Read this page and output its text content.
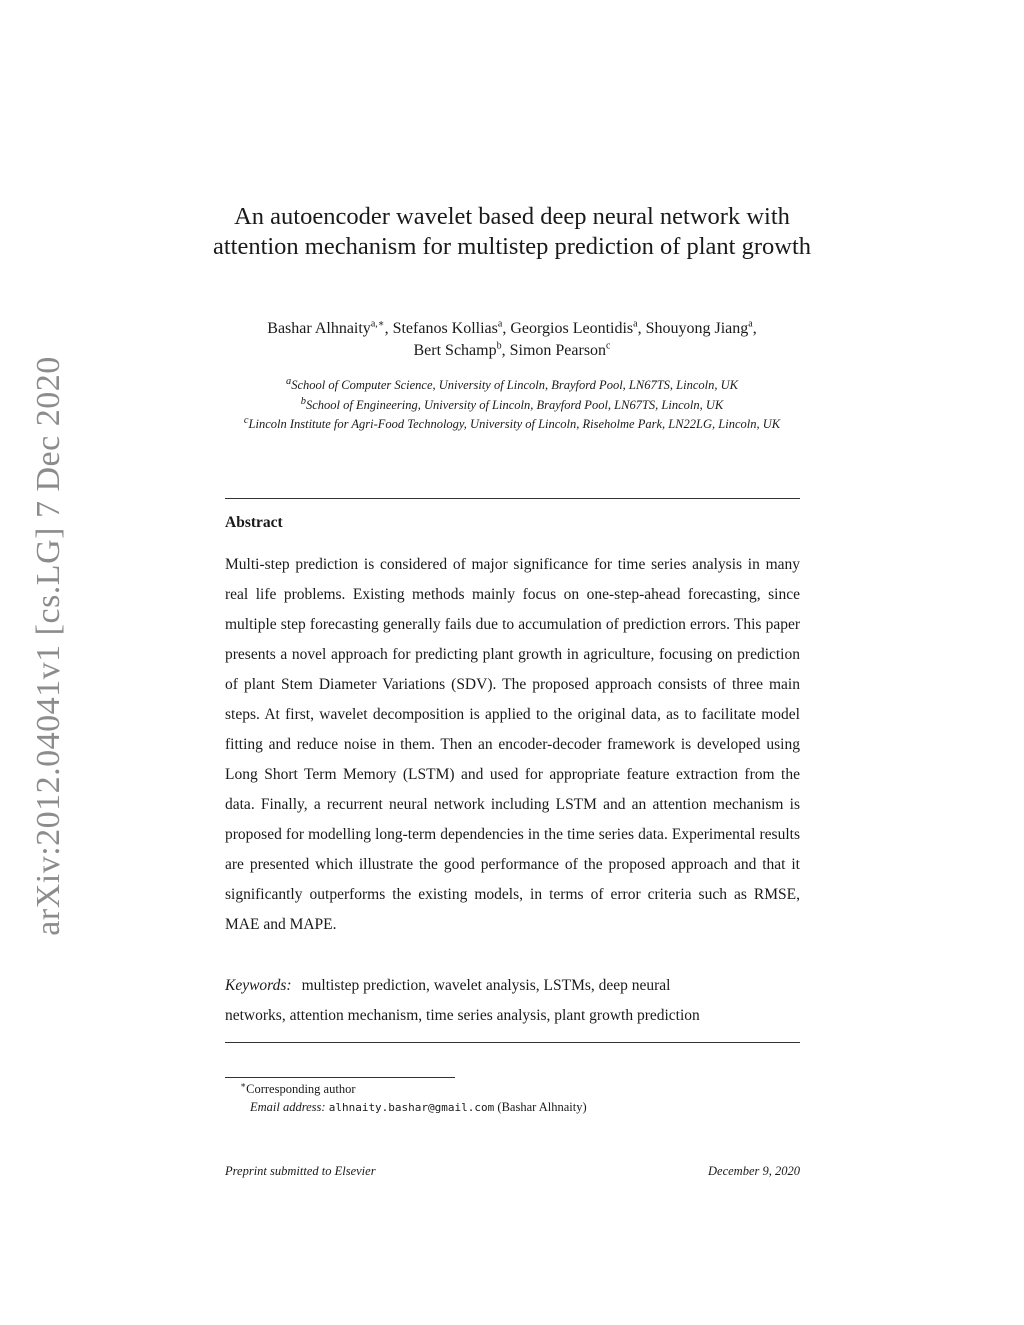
arXiv:2012.04041v1 [cs.LG] 7 Dec 2020
An autoencoder wavelet based deep neural network with attention mechanism for multistep prediction of plant growth
Bashar Alhnaity$^{a,∗}$, Stefanos Kollias$^a$, Georgios Leontidis$^a$, Shouyong Jiang$^a$,
Bert Schamp$^b$, Simon Pearson$^c$
$^a$School of Computer Science, University of Lincoln, Brayford Pool, LN67TS, Lincoln, UK
$^b$School of Engineering, University of Lincoln, Brayford Pool, LN67TS, Lincoln, UK
$^c$Lincoln Institute for Agri-Food Technology, University of Lincoln, Riseholme Park, LN22LG, Lincoln, UK
Abstract
Multi-step prediction is considered of major significance for time series analysis in many real life problems. Existing methods mainly focus on one-step-ahead forecasting, since multiple step forecasting generally fails due to accumulation of prediction errors. This paper presents a novel approach for predicting plant growth in agriculture, focusing on prediction of plant Stem Diameter Variations (SDV). The proposed approach consists of three main steps. At first, wavelet decomposition is applied to the original data, as to facilitate model fitting and reduce noise in them. Then an encoder-decoder framework is developed using Long Short Term Memory (LSTM) and used for appropriate feature extraction from the data. Finally, a recurrent neural network including LSTM and an attention mechanism is proposed for modelling long-term dependencies in the time series data. Experimental results are presented which illustrate the good performance of the proposed approach and that it significantly outperforms the existing models, in terms of error criteria such as RMSE, MAE and MAPE.
Keywords: multistep prediction, wavelet analysis, LSTMs, deep neural
networks, attention mechanism, time series analysis, plant growth prediction
∗Corresponding author
Email address: alhnaity.bashar@gmail.com (Bashar Alhnaity)
Preprint submitted to Elsevier	December 9, 2020
